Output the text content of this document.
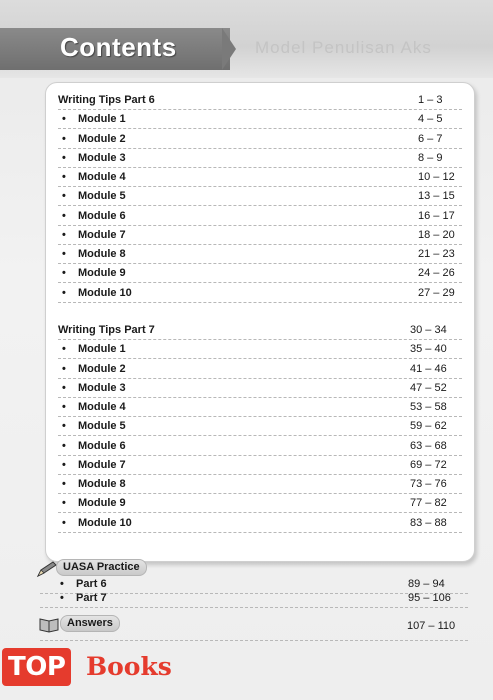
Model Penulisan Aks
Contents
Writing Tips Part 6	1 – 3
• Module 1	4 – 5
• Module 2	6 – 7
• Module 3	8 – 9
• Module 4	10 – 12
• Module 5	13 – 15
• Module 6	16 – 17
• Module 7	18 – 20
• Module 8	21 – 23
• Module 9	24 – 26
• Module 10	27 – 29
Writing Tips Part 7	30 – 34
• Module 1	35 – 40
• Module 2	41 – 46
• Module 3	47 – 52
• Module 4	53 – 58
• Module 5	59 – 62
• Module 6	63 – 68
• Module 7	69 – 72
• Module 8	73 – 76
• Module 9	77 – 82
• Module 10	83 – 88
• Part 6	89 – 94
• Part 7	95 – 106
UASA Practice
Answers	107 – 110
TOP Books
